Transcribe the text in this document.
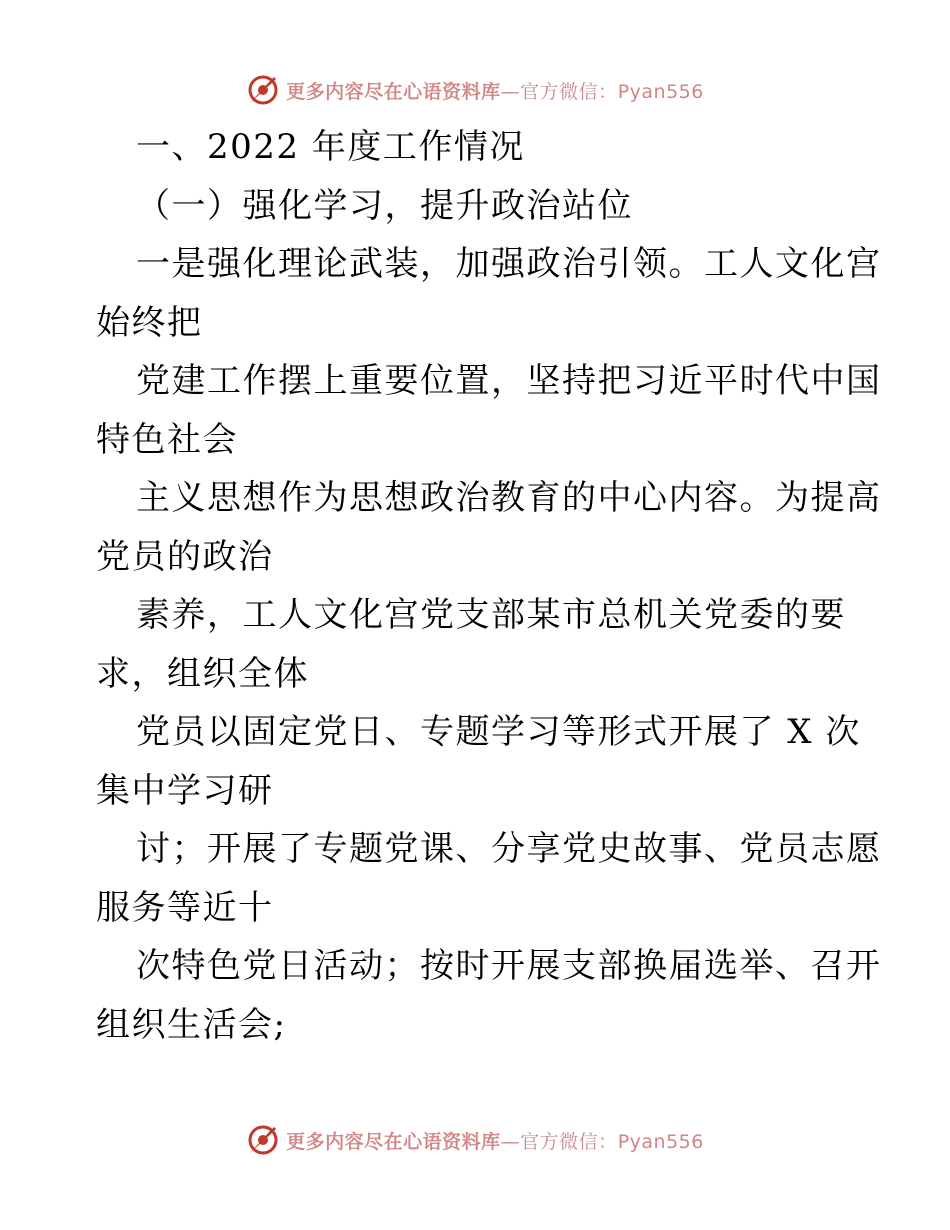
更多内容尽在心语资料库—官方微信：Pyan556
一、2022 年度工作情况
（一）强化学习，提升政治站位
一是强化理论武装，加强政治引领。工人文化宫
始终把
党建工作摆上重要位置，坚持把习近平时代中国
特色社会
主义思想作为思想政治教育的中心内容。为提高
党员的政治
素养，工人文化宫党支部某市总机关党委的要
求，组织全体
党员以固定党日、专题学习等形式开展了 X 次
集中学习研
讨；开展了专题党课、分享党史故事、党员志愿
服务等近十
次特色党日活动；按时开展支部换届选举、召开
组织生活会;
更多内容尽在心语资料库—官方微信：Pyan556
